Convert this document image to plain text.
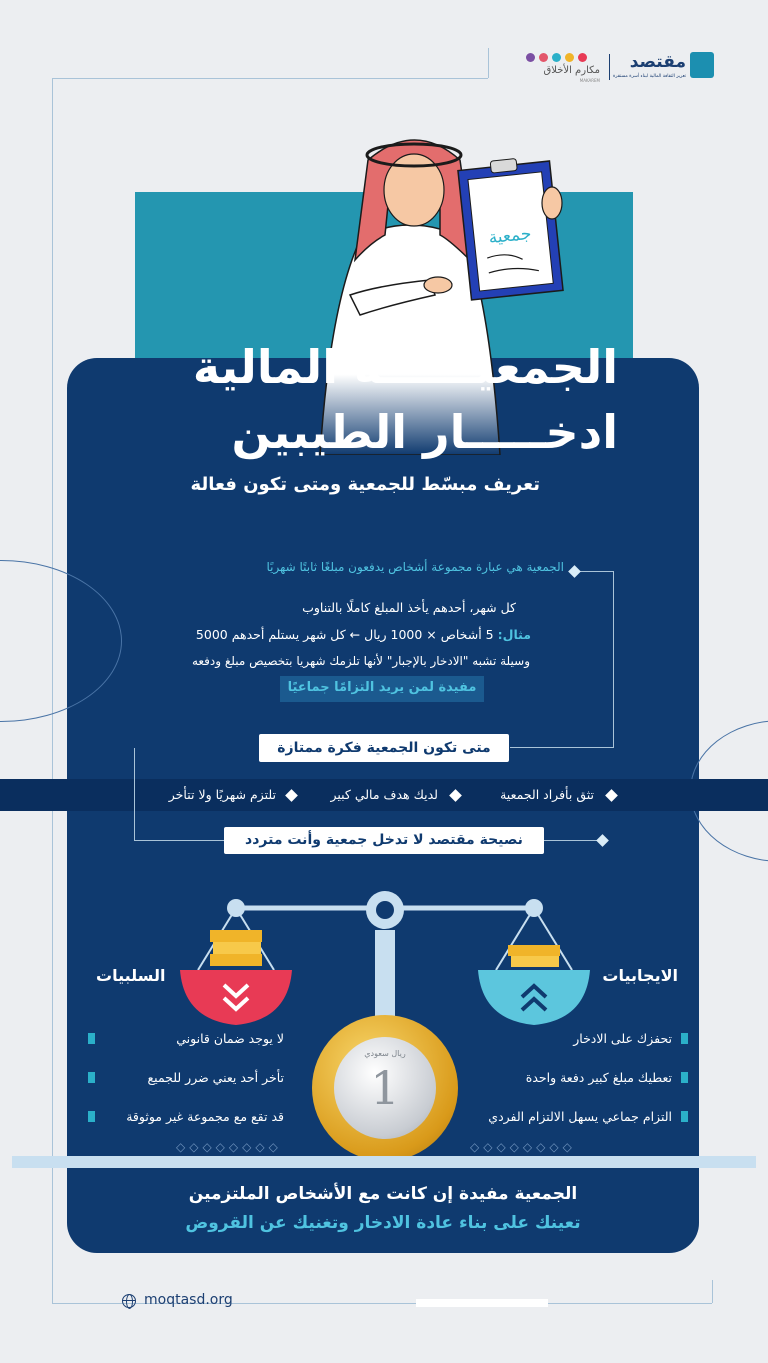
مقتصد
تعزيز الثقافة المالية لبناء أسرة مستقرة
مكارم الأخلاق
MAKAREM
جمعية
الجمعيــــــة المالية
ادخـــــار الطيبين
تعريف مبسّط للجمعية ومتى تكون فعالة
الجمعية هي عبارة مجموعة أشخاص يدفعون مبلغًا ثابتًا شهريًا
كل شهر، أحدهم يأخذ المبلغ كاملًا بالتناوب
مثال: 5 أشخاص × 1000 ريال ← كل شهر يستلم أحدهم 5000
وسيلة تشبه "الادخار بالإجبار" لأنها تلزمك شهريا بتخصيص مبلغ ودفعه
مفيدة لمن يريد التزامًا جماعيًا
متى تكون الجمعية فكرة ممتازة
تثق بأفراد الجمعية
لديك هدف مالي كبير
تلتزم شهريًا ولا تتأخر
نصيحة مقتصد لا تدخل جمعية وأنت متردد
الايجابيات
السلبيات
تحفزك على الادخار
تعطيك مبلغ كبير دفعة واحدة
التزام جماعي يسهل الالتزام الفردي
لا يوجد ضمان قانوني
تأخر أحد يعني ضرر للجميع
قد تقع مع مجموعة غير موثوقة
ريال سعودي
1
◇◇◇◇◇◇◇◇	◇◇◇◇◇◇◇◇
الجمعية مفيدة إن كانت مع الأشخاص الملتزمين
تعينك على بناء عادة الادخار وتغنيك عن القروض
moqtasd.org
